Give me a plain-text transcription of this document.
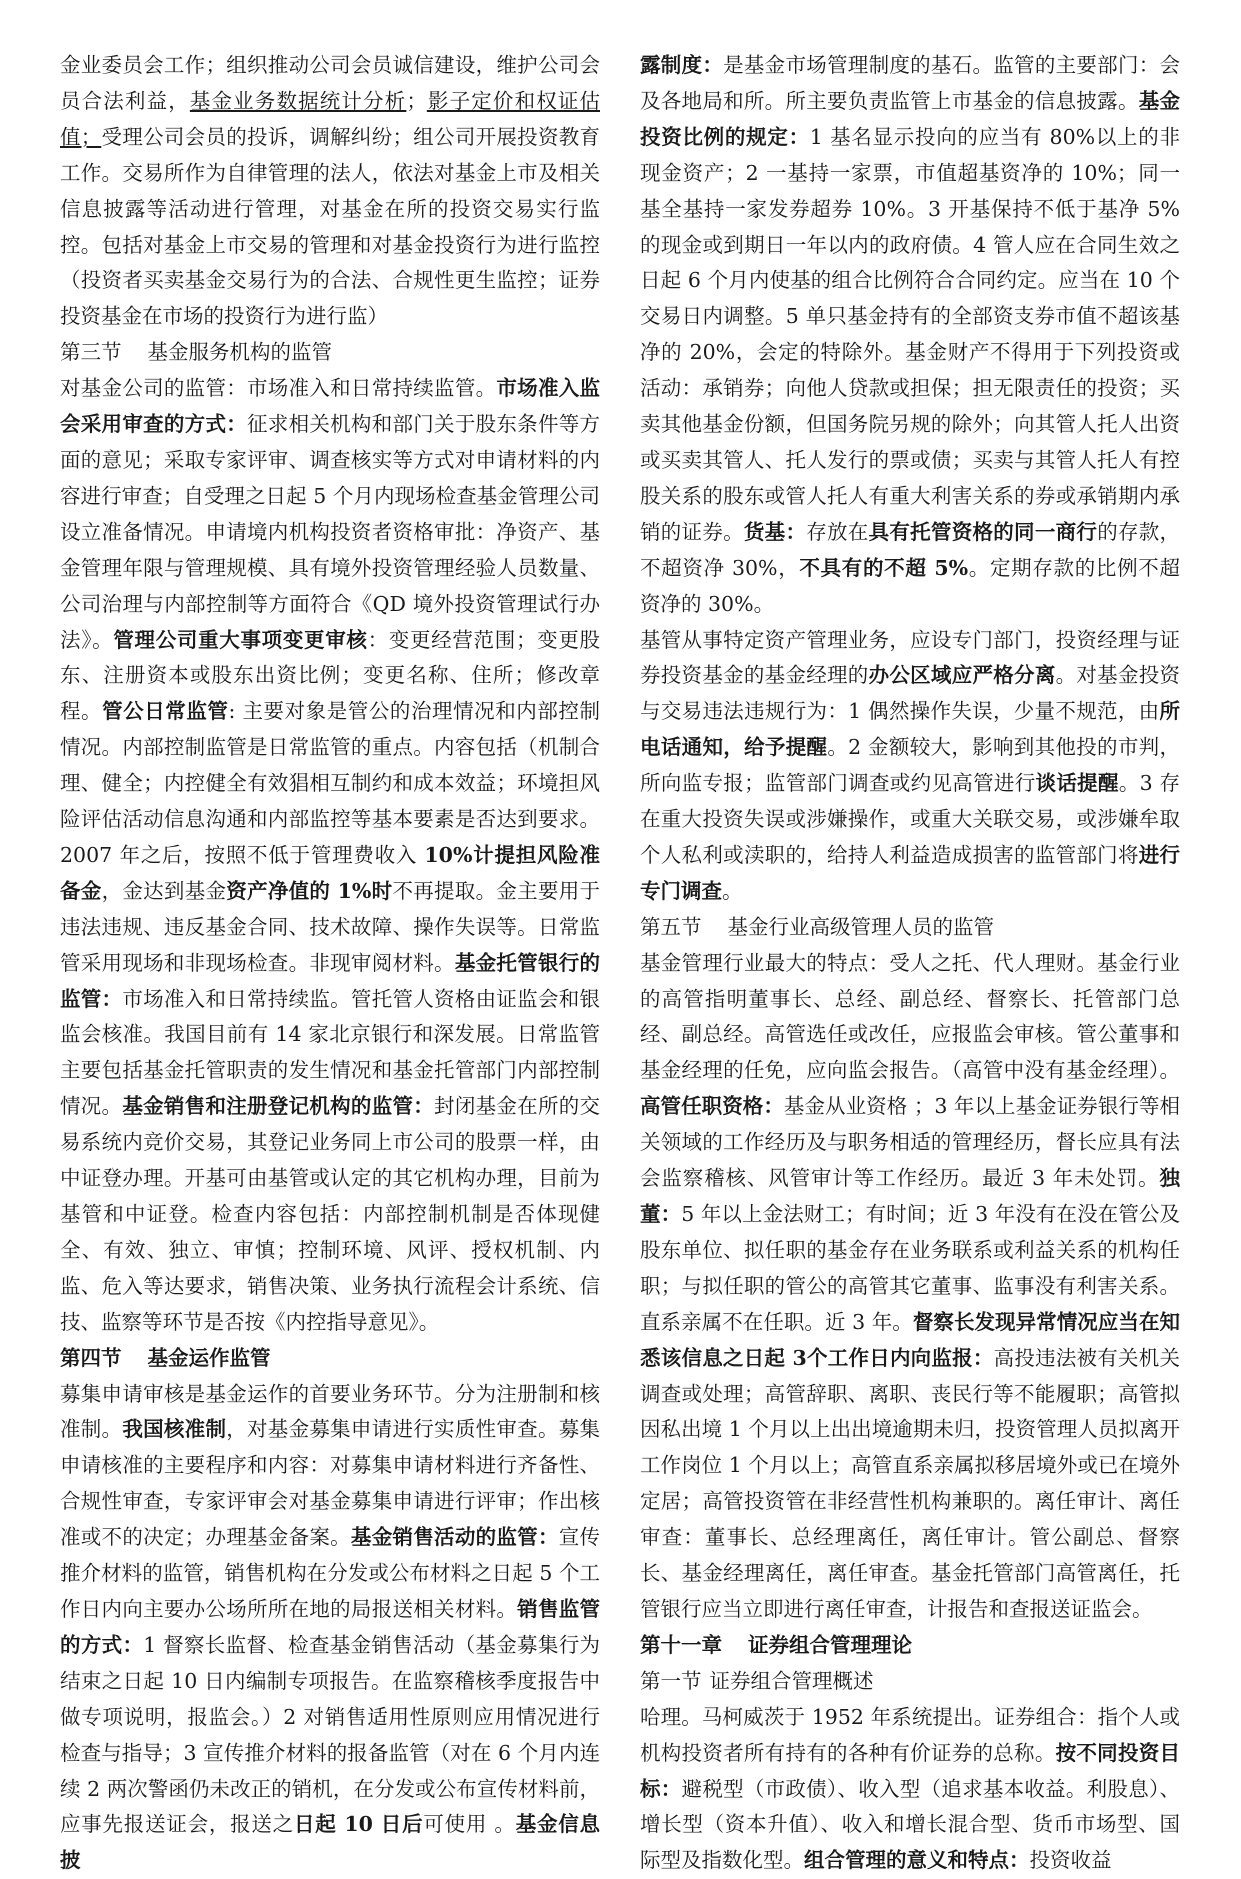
金业委员会工作；组织推动公司会员诚信建设，维护公司会员合法利益，基金业务数据统计分析；影子定价和权证估值；受理公司会员的投诉，调解纠纷；组公司开展投资教育工作。交易所作为自律管理的法人，依法对基金上市及相关信息披露等活动进行管理，对基金在所的投资交易实行监控。包括对基金上市交易的管理和对基金投资行为进行监控（投资者买卖基金交易行为的合法、合规性更生监控；证券投资基金在市场的投资行为进行监）

第三节 基金服务机构的监管

对基金公司的监管：市场准入和日常持续监管。市场准入监会采用审查的方式：征求相关机构和部门关于股东条件等方面的意见；采取专家评审、调查核实等方式对申请材料的内容进行审查；自受理之日起 5 个月内现场检查基金管理公司设立准备情况。申请境内机构投资者资格审批：净资产、基金管理年限与管理规模、具有境外投资管理经验人员数量、公司治理与内部控制等方面符合《QD 境外投资管理试行办法》。管理公司重大事项变更审核：变更经营范围；变更股东、注册资本或股东出资比例；变更名称、住所；修改章程。管公日常监管: 主要对象是管公的治理情况和内部控制情况。内部控制监管是日常监管的重点。内容包括（机制合理、健全；内控健全有效猖相互制约和成本效益；环境担风险评估活动信息沟通和内部监控等基本要素是否达到要求。2007 年之后，按照不低于管理费收入 10%计提担风险准备金，金达到基金资产净值的 1%时不再提取。金主要用于违法违规、违反基金合同、技术故障、操作失误等。日常监管采用现场和非现场检查。非现审阅材料。基金托管银行的监管：市场准入和日常持续监。管托管人资格由证监会和银监会核准。我国目前有 14 家北京银行和深发展。日常监管主要包括基金托管职责的发生情况和基金托管部门内部控制情况。基金销售和注册登记机构的监管：封闭基金在所的交易系统内竞价交易，其登记业务同上市公司的股票一样，由中证登办理。开基可由基管或认定的其它机构办理，目前为基管和中证登。检查内容包括：内部控制机制是否体现健全、有效、独立、审慎；控制环境、风评、授权机制、内监、危入等达要求，销售决策、业务执行流程会计系统、信技、监察等环节是否按《内控指导意见》。

第四节 基金运作监管

募集申请审核是基金运作的首要业务环节。分为注册制和核准制。我国核准制，对基金募集申请进行实质性审查。募集申请核准的主要程序和内容：对募集申请材料进行齐备性、合规性审查，专家评审会对基金募集申请进行评审；作出核准或不的决定；办理基金备案。基金销售活动的监管：宣传推介材料的监管，销售机构在分发或公布材料之日起 5 个工作日内向主要办公场所所在地的局报送相关材料。销售监管的方式：1 督察长监督、检查基金销售活动（基金募集行为结束之日起 10 日内编制专项报告。在监察稽核季度报告中做专项说明，报监会。）2 对销售适用性原则应用情况进行检查与指导；3 宣传推介材料的报备监管（对在 6 个月内连续 2 两次警函仍未改正的销机，在分发或公布宣传材料前，应事先报送证会，报送之日起 10 日后可使用 。基金信息披

露制度：是基金市场管理制度的基石。监管的主要部门：会及各地局和所。所主要负责监管上市基金的信息披露。基金投资比例的规定：1 基名显示投向的应当有 80%以上的非现金资产；2 一基持一家票，市值超基资净的 10%；同一基全基持一家发券超券 10%。3 开基保持不低于基净 5%的现金或到期日一年以内的政府债。4 管人应在合同生效之日起 6 个月内使基的组合比例符合合同约定。应当在 10 个交易日内调整。5 单只基金持有的全部资支券市值不超该基净的 20%，会定的特除外。基金财产不得用于下列投资或活动：承销券；向他人贷款或担保；担无限责任的投资；买卖其他基金份额，但国务院另规的除外；向其管人托人出资或买卖其管人、托人发行的票或债；买卖与其管人托人有控股关系的股东或管人托人有重大利害关系的券或承销期内承销的证券。货基：存放在具有托管资格的同一商行的存款，不超资净 30%，不具有的不超 5%。定期存款的比例不超资净的 30%。

基管从事特定资产管理业务，应设专门部门，投资经理与证券投资基金的基金经理的办公区域应严格分离。对基金投资与交易违法违规行为：1 偶然操作失误，少量不规范，由所电话通知，给予提醒。2 金额较大，影响到其他投的市判，所向监专报；监管部门调查或约见高管进行谈话提醒。3 存在重大投资失误或涉嫌操作，或重大关联交易，或涉嫌牟取个人私利或渎职的，给持人利益造成损害的监管部门将进行专门调查。

第五节 基金行业高级管理人员的监管

基金管理行业最大的特点：受人之托、代人理财。基金行业的高管指明董事长、总经、副总经、督察长、托管部门总经、副总经。高管选任或改任，应报监会审核。管公董事和基金经理的任免，应向监会报告。（高管中没有基金经理）。高管任职资格：基金从业资格 ；3 年以上基金证券银行等相关领域的工作经历及与职务相适的管理经历，督长应具有法会监察稽核、风管审计等工作经历。最近 3 年未处罚。独董：5 年以上金法财工；有时间；近 3 年没有在没在管公及股东单位、拟任职的基金存在业务联系或利益关系的机构任职；与拟任职的管公的高管其它董事、监事没有利害关系。直系亲属不在任职。近 3 年。督察长发现异常情况应当在知悉该信息之日起 3个工作日内向监报：高投违法被有关机关调查或处理；高管辞职、离职、丧民行等不能履职；高管拟因私出境 1 个月以上出出境逾期未归，投资管理人员拟离开工作岗位 1 个月以上；高管直系亲属拟移居境外或已在境外定居；高管投资管在非经营性机构兼职的。离任审计、离任审查：董事长、总经理离任，离任审计。管公副总、督察长、基金经理离任，离任审查。基金托管部门高管离任，托管银行应当立即进行离任审查，计报告和查报送证监会。

第十一章 证券组合管理理论
第一节 证券组合管理概述

哈理。马柯威茨于 1952 年系统提出。证券组合：指个人或机构投资者所有持有的各种有价证券的总称。按不同投资目标：避税型（市政债）、收入型（追求基本收益。利股息）、增长型（资本升值）、收入和增长混合型、货币市场型、国际型及指数化型。组合管理的意义和特点：投资收益
